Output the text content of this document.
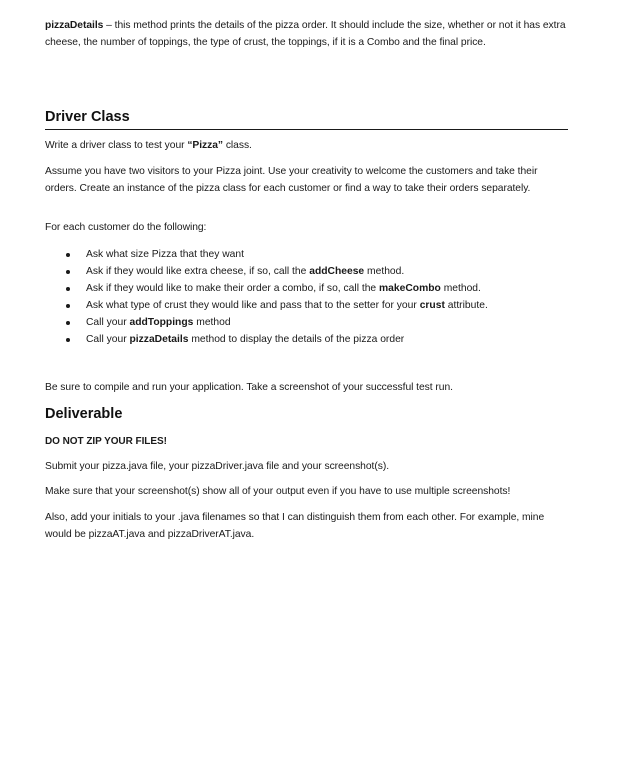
pizzaDetails – this method prints the details of the pizza order. It should include the size, whether or not it has extra cheese, the number of toppings, the type of crust, the toppings, if it is a Combo and the final price.

Driver Class

Write a driver class to test your “Pizza” class.

Assume you have two visitors to your Pizza joint. Use your creativity to welcome the customers and take their orders. Create an instance of the pizza class for each customer or find a way to take their orders separately.

For each customer do the following:

Ask what size Pizza that they want
Ask if they would like extra cheese, if so, call the addCheese method.
Ask if they would like to make their order a combo, if so, call the makeCombo method.
Ask what type of crust they would like and pass that to the setter for your crust attribute.
Call your addToppings method
Call your pizzaDetails method to display the details of the pizza order

Be sure to compile and run your application. Take a screenshot of your successful test run.

Deliverable

DO NOT ZIP YOUR FILES!

Submit your pizza.java file, your pizzaDriver.java file and your screenshot(s).

Make sure that your screenshot(s) show all of your output even if you have to use multiple screenshots!

Also, add your initials to your .java filenames so that I can distinguish them from each other. For example, mine would be pizzaAT.java and pizzaDriverAT.java.
